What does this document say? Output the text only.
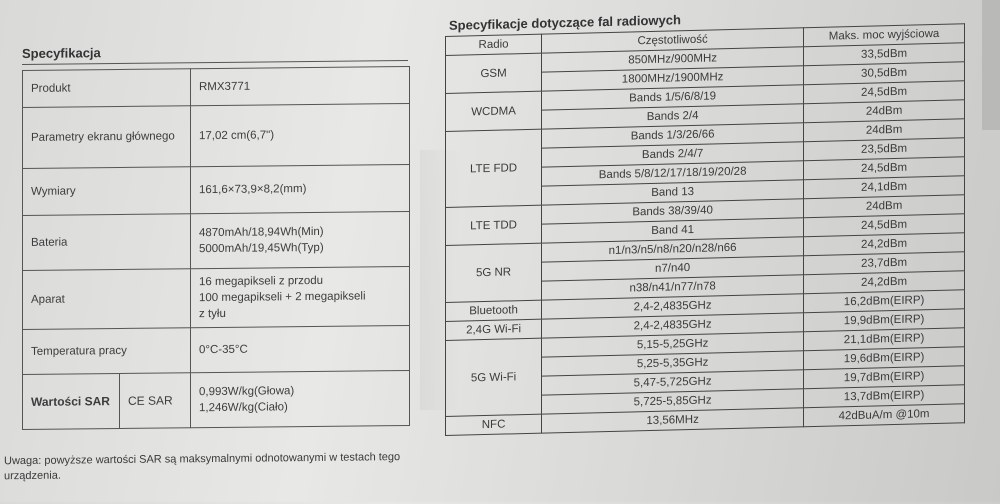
Specyfikacja
Produkt		RMX3771

Parametry ekranu głównego		17,02 cm(6,7")

Wymiary		161,6×73,9×8,2(mm)

Bateria		4870mAh/18,94Wh(Min)
5000mAh/19,45Wh(Typ)

Aparat		16 megapikseli z przodu
100 megapikseli + 2 megapikseli
z tyłu

Temperatura pracy		0°C-35°C

Wartości SAR	CE SAR	0,993W/kg(Głowa)
1,246W/kg(Ciało)
Uwaga: powyższe wartości SAR są maksymalnymi odnotowanymi w testach tego urządzenia.
Specyfikacje dotyczące fal radiowych
Radio	Częstotliwość	Maks. moc wyjściowa
GSM	850MHz/900MHz	33,5dBm
	1800MHz/1900MHz	30,5dBm
WCDMA	Bands 1/5/6/8/19	24,5dBm
	Bands 2/4	24dBm
LTE FDD	Bands 1/3/26/66	24dBm
	Bands 2/4/7	23,5dBm
	Bands 5/8/12/17/18/19/20/28	24,5dBm
	Band 13	24,1dBm
LTE TDD	Bands 38/39/40	24dBm
	Band 41	24,5dBm
5G NR	n1/n3/n5/n8/n20/n28/n66	24,2dBm
	n7/n40	23,7dBm
	n38/n41/n77/n78	24,2dBm
Bluetooth	2,4-2,4835GHz	16,2dBm(EIRP)
2,4G Wi-Fi	2,4-2,4835GHz	19,9dBm(EIRP)
5G Wi-Fi	5,15-5,25GHz	21,1dBm(EIRP)
	5,25-5,35GHz	19,6dBm(EIRP)
	5,47-5,725GHz	19,7dBm(EIRP)
	5,725-5,85GHz	13,7dBm(EIRP)
NFC	13,56MHz	42dBuA/m @10m
